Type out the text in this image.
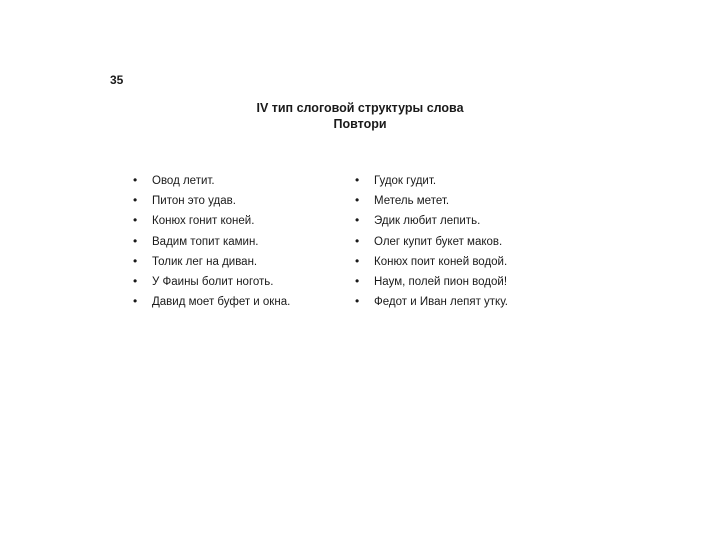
35
IV тип слоговой структуры слова
Повтори
• Овод летит.
• Питон это удав.
• Конюх гонит коней.
• Вадим топит камин.
• Толик лег на диван.
• У Фаины болит ноготь.
• Давид моет буфет и окна.
• Гудок гудит.
• Метель метет.
• Эдик любит лепить.
• Олег купит букет маков.
• Конюх поит коней водой.
• Наум, полей пион водой!
• Федот и Иван лепят утку.
